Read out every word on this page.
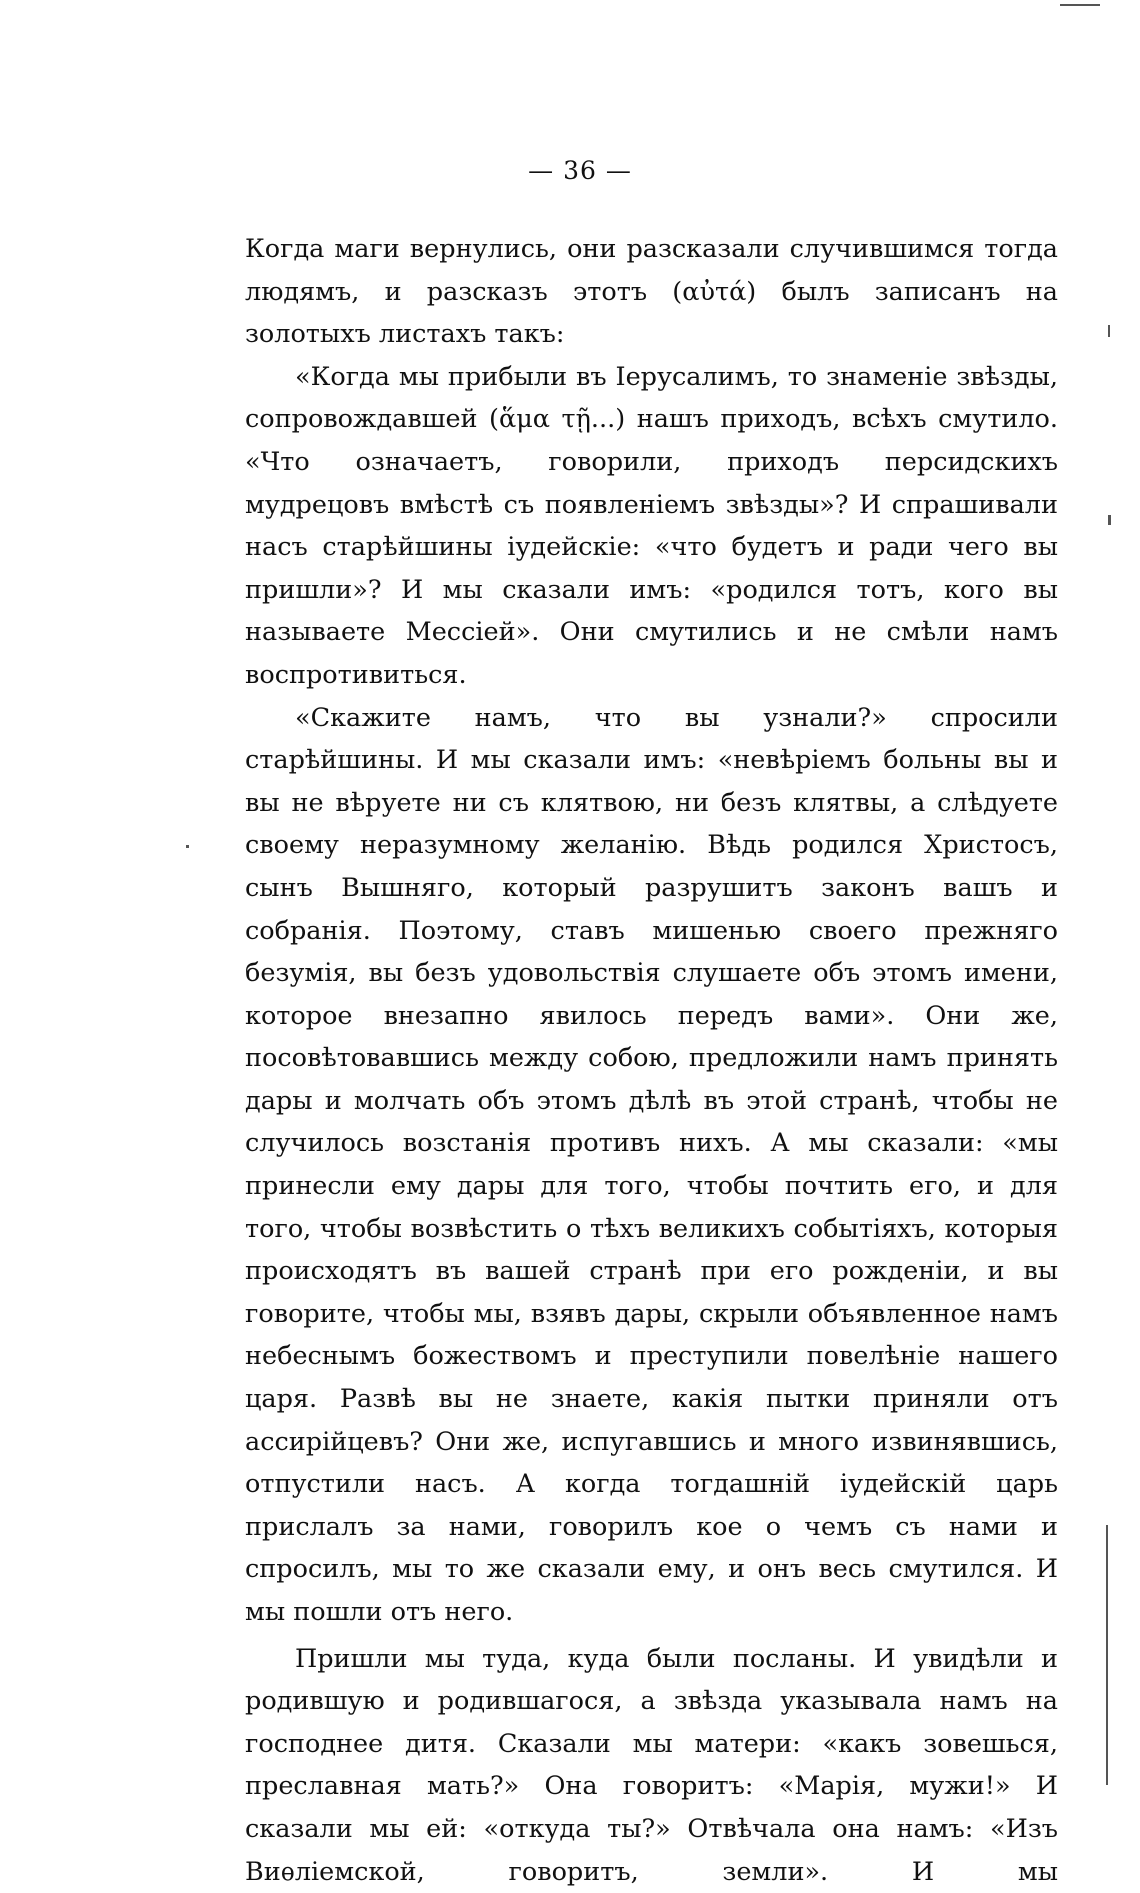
— 36 —

Когда маги вернулись, они разсказали случившимся тогда людямъ, и разсказъ этотъ (αὐτά) былъ записанъ на золотыхъ листахъ такъ:

«Когда мы прибыли въ Іерусалимъ, то знаменіе звѣзды, сопровождавшей (ἅμα τῇ...) нашъ приходъ, всѣхъ смутило. «Что означаетъ, говорили, приходъ персидскихъ мудрецовъ вмѣстѣ съ появленіемъ звѣзды»? И спрашивали насъ старѣйшины іудейскіе: «что будетъ и ради чего вы пришли»? И мы сказали имъ: «родился тотъ, кого вы называете Мессіей». Они смутились и не смѣли намъ воспротивиться.

«Скажите намъ, что вы узнали?» спросили старѣйшины. И мы сказали имъ: «невѣріемъ больны вы и вы не вѣруете ни съ клятвою, ни безъ клятвы, а слѣдуете своему неразумному желанію. Вѣдь родился Христосъ, сынъ Вышняго, который разрушитъ законъ вашъ и собранія. Поэтому, ставъ мишенью своего прежняго безумія, вы безъ удовольствія слушаете объ этомъ имени, которое внезапно явилось передъ вами». Они же, посовѣтовавшись между собою, предложили намъ принять дары и молчать объ этомъ дѣлѣ въ этой странѣ, чтобы не случилось возстанія противъ нихъ. А мы сказали: «мы принесли ему дары для того, чтобы почтить его, и для того, чтобы возвѣстить о тѣхъ великихъ событіяхъ, которыя происходятъ въ вашей странѣ при его рожденіи, и вы говорите, чтобы мы, взявъ дары, скрыли объявленное намъ небеснымъ божествомъ и преступили повелѣніе нашего царя. Развѣ вы не знаете, какія пытки приняли отъ ассирійцевъ? Они же, испугавшись и много извинявшись, отпустили насъ. А когда тогдашній іудейскій царь прислалъ за нами, говорилъ кое о чемъ съ нами и спросилъ, мы то же сказали ему, и онъ весь смутился. И мы пошли отъ него.

Пришли мы туда, куда были посланы. И увидѣли и родившую и родившагося, а звѣзда указывала намъ на господнее дитя. Сказали мы матери: «какъ зовешься, преславная мать?» Она говоритъ: «Марія, мужи!» И сказали мы ей: «откуда ты?» Отвѣчала она намъ: «Изъ Виѳліемской, говоритъ, земли». И мы
